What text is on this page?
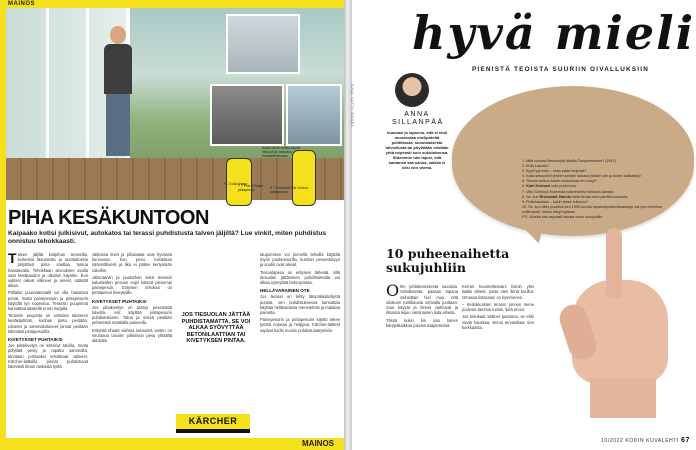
MAINOS
Kodin pihan-arvilla käydä helposti ja kätevästi turvalaitteistossa.
FC 5 Akkuharja
T 7 Plus T-Racer -pintapesuri	K 7 Premium Full Control -painepesuri
PIHA KESÄKUNTOON

Kaipaako kotisi julkisivut, autokatos tai terassi puhdistusta talven jäljiltä? Lue vinkit, miten puhdistus onnistuu tehokkaasti.

Talven jäljiltä kotipihan terassilla, korkeista läsunnista ja autokatoksia pölyttävä pinta saattaa tuntua haastavalta. Tehokkaan siivouksen avulla saat kesäkauden ja ulkoilun käyntiin. Kun valitset oikeat välineet ja aineet, säästät aikaa.

Pöllailut puumateriaalit voi olla haastava pestä, mutta painepesurin ja pintapesurin käytöllä työ nopeutuu. Terassin puupinnat kannattaa käsitellä ensin harjalla.

Terassin puupinta on valmiina talviseen kesäkäyttöön, kunhan pinta pestään. Likaiset ja sammaloituneet pinnat pestään kätevästi pintapesurilla.

KIVETYKSET PUHTAIKSI

Jos pihakivetyn on kärsinyt talvilla, mutta pölyttää pesty ja rapattu sammalta, tarvitaan puhtaaksi tehokkaat välineet. Kärcher-laitteilla pinnat puhdistuvat kätevästi ilman raskasta työtä.

Jatkossa kivet ja pihalaatat ovat hyvässä kunnossa, kun pesu toistetaan säännöllisesti ja lika ei pääse kertymään rakoihin.

Jaksotarvin ja puutarhan sekä terassin kalusteiden pesuun sopii kätevä pienempi painepesuri. Erityisen tehokas on pintapesuri kiveyksille.

KIVETYKSET PUHTAIKSI

Jos pihakivetys on jäänyt pesemättä talvelta, voit käyttää pintapesurin puhdistukseen. Taloa ja seiniä pestään pehmeästi matalalla paineella.

Erityistä tiheää vaihtoa taloseinä varten on seuraava tavoite: julkisivun pesu ylhäältä alaspäin.

JOS TIESUOLAN JÄTTÄÄ PUHDISTAMATTA, SE VOI ALKAA SYÖVYTTÄÄ BETONILAATTIAN TAI KIVETYKSEN PINTAA.

taupomisen voi pienellä tehoilla käyttää myös puuhpesurilla, kunhan pesuetäisyys ja suutin ovat oikeat.

Tiesuolapesu on erityisen tärkeää, sillä tiesuolan jättäminen puhdistamatta voi alkaa syövyttää betonipintaa.

HELLÄVARAINEN OTE

Jos terassi on tehty lämpökäsitellystä puusta, sen puhdistuksessa kannattaa käyttää hellävaraisia menetelmiä ja matalaa painetta.

Painepesurin ja pintapesurin käyttö tekee työstä nopeaa ja helppoa. Kärcher-laitteet sopivat kodin moniin puhdistustarpeisiin.

KÄRCHER
MAINOS
hyvä mieli
PIENISTÄ TEOISTA SUURIIN OIVALLUKSIIN
KUVA: SOTTY IMAGES	ANNA
SILLANPÄÄ
huomasi jo lapsena, että ei ehdi muodostaa mielipidettä politiikasta, suomalaisesta talvioilusta tai pöytätään mistään yhtä nopeasti kuin sukulaisensa. Sittemmin hän tajusi, että kantansa saa sanoa, vaikka ei olisi niin varma.
1. Mitä vuonna Mesoukylä Mattila Tampereeseen? (1947)
2. Entä Lasaris?
3. Kyy/Kyyrmmo – kuka pääsi helposti?
4. Kuka seisoskeli yhteen seisten sakana (toisen ylle ja toinen sakkasta)?
5. Tiennin pelkuu kaivin toistoloissa en ennyt?
6. Katri Kulmuni uniu purjeonna
7. Vitto Sherlock Holmesta tottarelwelta Watsoni-kanssa
8. Se, kun Ristomatti Hakola nahti kerran teen pienitä mansolla.
9. Puttohaudaus – kukin tekee kukuvvo?
10. Se, kun äitini puoleksi sen 1990-luvulla tupakoinpiukentassaluge-vai-yes mienihan voikinasoki, kokka käsyi lopttaan.
P.S. Aiheita saa vapaasti lainata omiin sukujuhliin.
10 puheenaihetta sukujuhliin

Olen juhlalevoissesta suvuista. Selväksesta, paasan tapana vaiheittain hiel muu, että sitoituen tuntikausia sohvalla juuttaan. Suut käyvät ja ilmeet vaihtuvat ja ilmassa leijuu varsinainen liuta aiheita.

Tässä kukin kin saa toinen kärppäkaikkoa jusvierustajinoteista.

Kerran kuunneltessani listoin ylös kaikki aiheet, joista olen ikinä kuullut. Omassa listassani on kymmenen.

– Kedokkoisten teranin jonnon mene podesta tammia tuntiin, listä arviot.

Jos tekokaat säilinet puettuna, se ehtii viedä hauskaa, sinnoi tervasilsaa, tien korkkaasta.

10/2022 KODIN KUVALEHTI 67
